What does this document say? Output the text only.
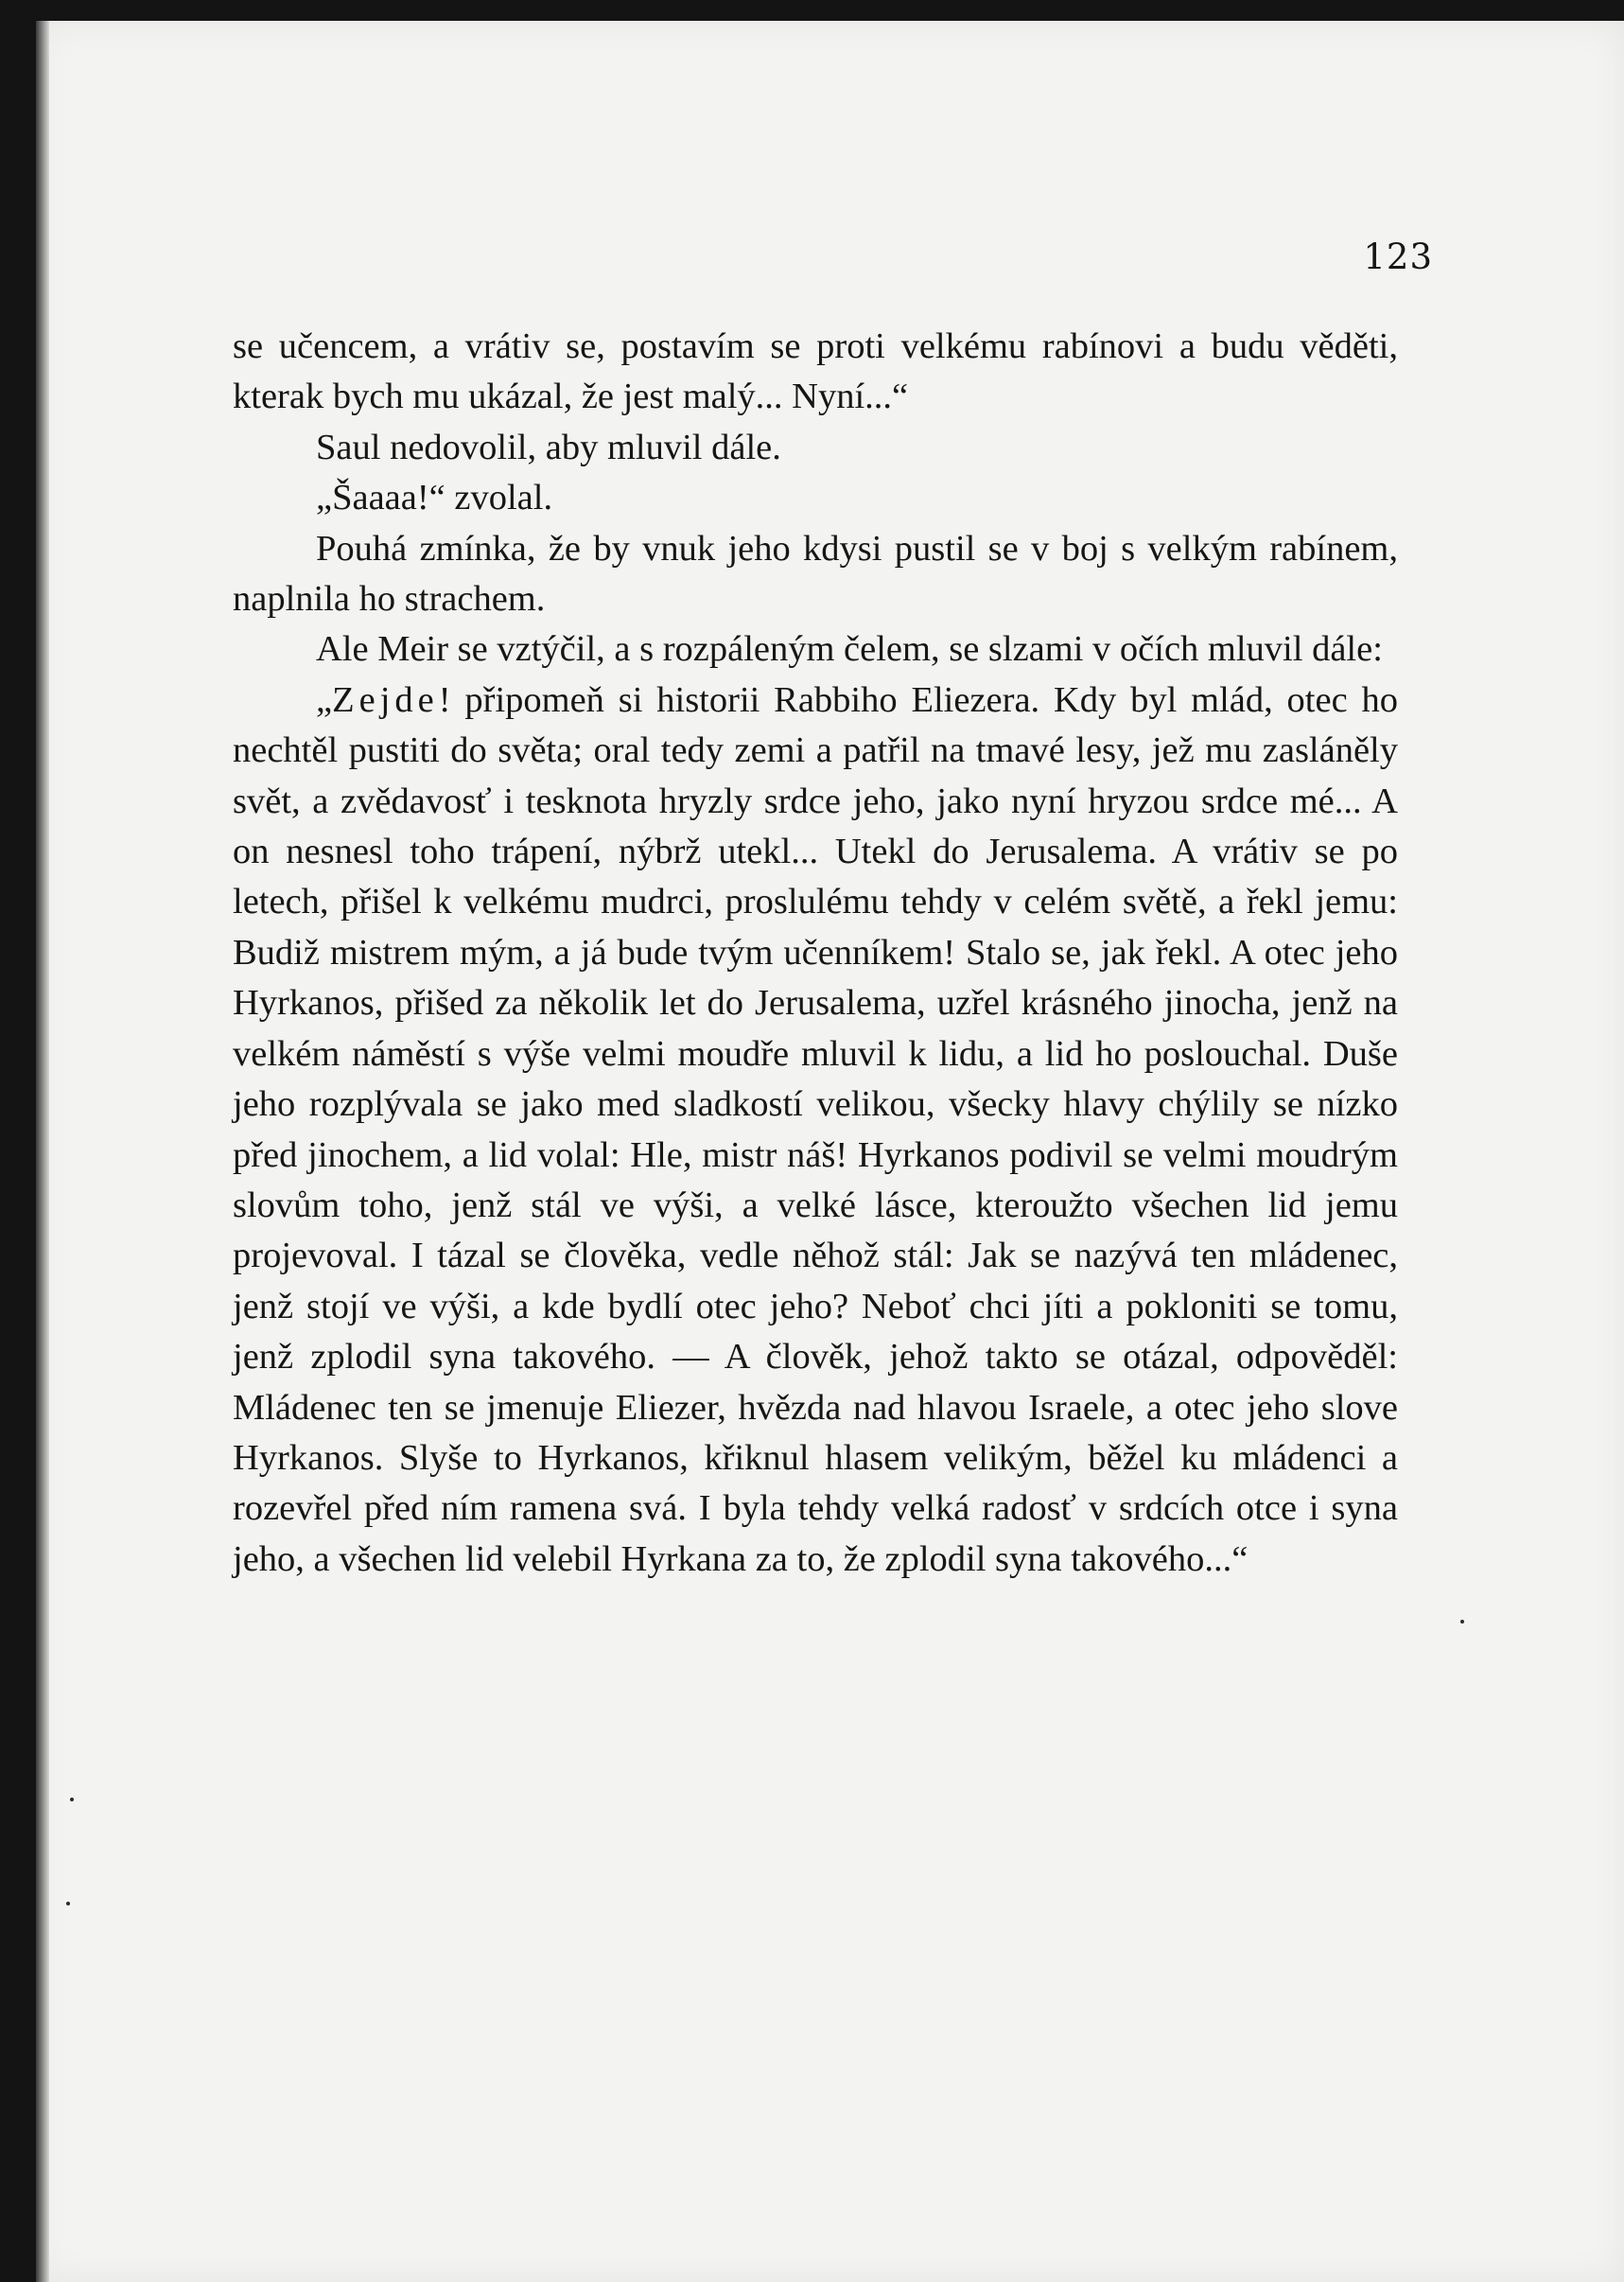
123

se učencem, a vrátiv se, postavím se proti velkému rabínovi a budu věděti, kterak bych mu ukázal, že jest malý... Nyní...“

Saul nedovolil, aby mluvil dále.

„Šaaaa!“ zvolal.

Pouhá zmínka, že by vnuk jeho kdysi pustil se v boj s velkým rabínem, naplnila ho strachem.

Ale Meir se vztýčil, a s rozpáleným čelem, se slzami v očích mluvil dále:

„Zejde! připomeň si historii Rabbiho Eliezera. Kdy byl mlád, otec ho nechtěl pustiti do světa; oral tedy zemi a patřil na tmavé lesy, jež mu zasláněly svět, a zvědavosť i tesknota hryzly srdce jeho, jako nyní hryzou srdce mé... A on nesnesl toho trápení, nýbrž utekl... Utekl do Jerusalema. A vrátiv se po letech, přišel k velkému mudrci, proslulému tehdy v celém světě, a řekl jemu: Budiž mistrem mým, a já bude tvým učenníkem! Stalo se, jak řekl. A otec jeho Hyrkanos, přišed za několik let do Jerusalema, uzřel krásného jinocha, jenž na velkém náměstí s výše velmi moudře mluvil k lidu, a lid ho poslouchal. Duše jeho rozplývala se jako med sladkostí velikou, všecky hlavy chýlily se nízko před jinochem, a lid volal: Hle, mistr náš! Hyrkanos podivil se velmi moudrým slovům toho, jenž stál ve výši, a velké lásce, kteroužto všechen lid jemu projevoval. I tázal se člověka, vedle něhož stál: Jak se nazývá ten mládenec, jenž stojí ve výši, a kde bydlí otec jeho? Neboť chci jíti a pokloniti se tomu, jenž zplodil syna takového. — A člověk, jehož takto se otázal, odpověděl: Mládenec ten se jmenuje Eliezer, hvězda nad hlavou Israele, a otec jeho slove Hyrkanos. Slyše to Hyrkanos, křiknul hlasem velikým, běžel ku mládenci a rozevřel před ním ramena svá. I byla tehdy velká radosť v srdcích otce i syna jeho, a všechen lid velebil Hyrkana za to, že zplodil syna takového...“
